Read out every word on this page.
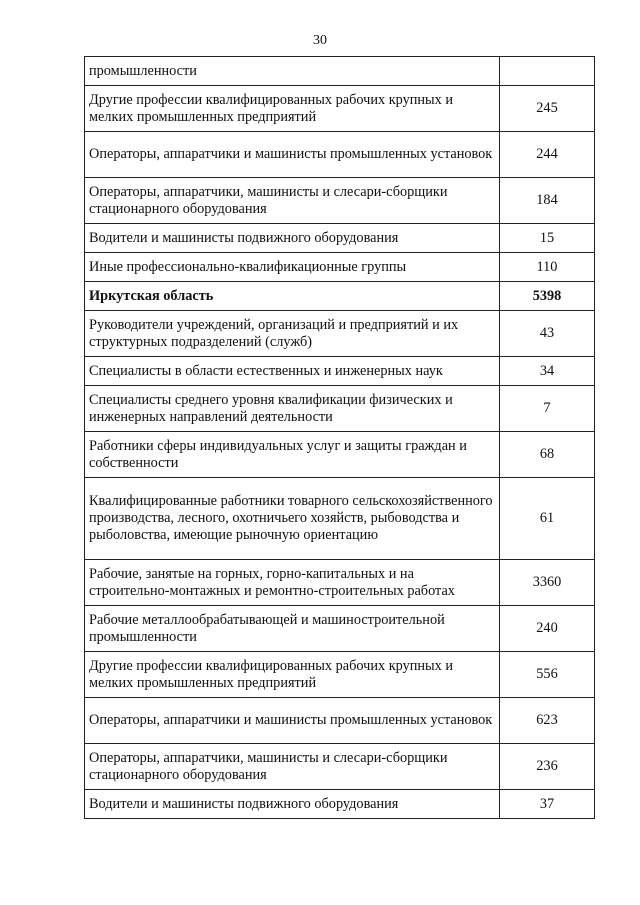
30
промышленности	
Другие профессии квалифицированных рабочих крупных и мелких промышленных предприятий	245
Операторы, аппаратчики и машинисты промышленных установок	244
Операторы, аппаратчики, машинисты и слесари-сборщики стационарного оборудования	184
Водители и машинисты подвижного оборудования	15
Иные профессионально-квалификационные группы	110
Иркутская область	5398
Руководители учреждений, организаций и предприятий и их структурных подразделений (служб)	43
Специалисты в области естественных и инженерных наук	34
Специалисты среднего уровня квалификации физических и инженерных направлений деятельности	7
Работники сферы индивидуальных услуг и защиты граждан и собственности	68
Квалифицированные работники товарного сельскохозяйственного производства, лесного, охотничьего хозяйств, рыбоводства и рыболовства, имеющие рыночную ориентацию	61
Рабочие, занятые на горных, горно-капитальных и на строительно-монтажных и ремонтно-строительных работах	3360
Рабочие металлообрабатывающей и машиностроительной промышленности	240
Другие профессии квалифицированных рабочих крупных и мелких промышленных предприятий	556
Операторы, аппаратчики и машинисты промышленных установок	623
Операторы, аппаратчики, машинисты и слесари-сборщики стационарного оборудования	236
Водители и машинисты подвижного оборудования	37
